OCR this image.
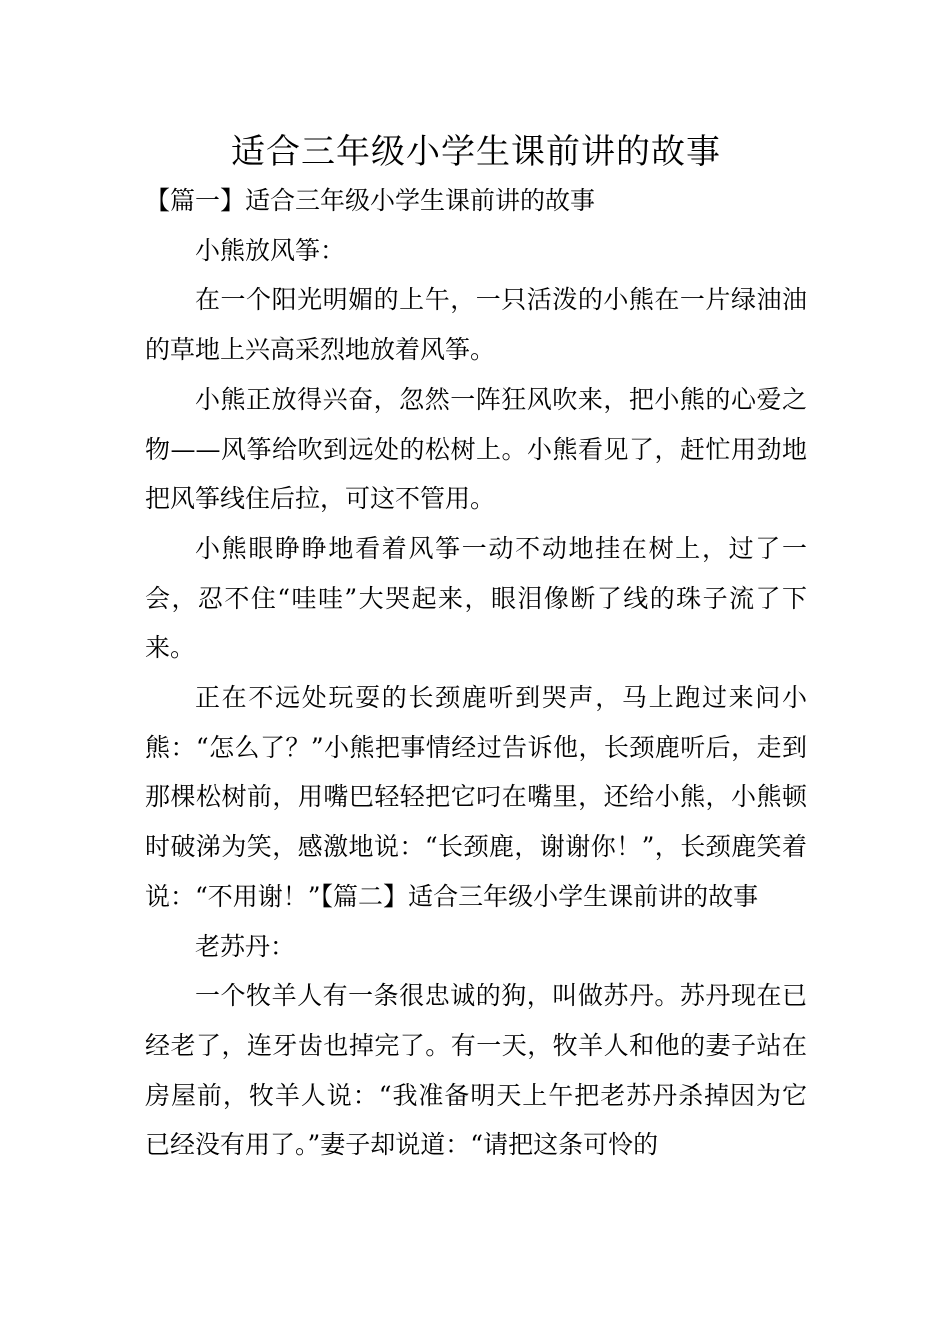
适合三年级小学生课前讲的故事
【篇一】适合三年级小学生课前讲的故事

小熊放风筝：

在一个阳光明媚的上午，一只活泼的小熊在一片绿油油的草地上兴高采烈地放着风筝。

小熊正放得兴奋，忽然一阵狂风吹来，把小熊的心爱之物——风筝给吹到远处的松树上。小熊看见了，赶忙用劲地把风筝线住后拉，可这不管用。

小熊眼睁睁地看着风筝一动不动地挂在树上，过了一会，忍不住“哇哇”大哭起来，眼泪像断了线的珠子流了下来。

正在不远处玩耍的长颈鹿听到哭声，马上跑过来问小熊：“怎么了？”小熊把事情经过告诉他，长颈鹿听后，走到那棵松树前，用嘴巴轻轻把它叼在嘴里，还给小熊，小熊顿时破涕为笑，感激地说：“长颈鹿，谢谢你！”，长颈鹿笑着说：“不用谢！”【篇二】适合三年级小学生课前讲的故事

老苏丹：

一个牧羊人有一条很忠诚的狗，叫做苏丹。苏丹现在已经老了，连牙齿也掉完了。有一天，牧羊人和他的妻子站在房屋前，牧羊人说：“我准备明天上午把老苏丹杀掉因为它已经没有用了。”妻子却说道：“请把这条可怜的
